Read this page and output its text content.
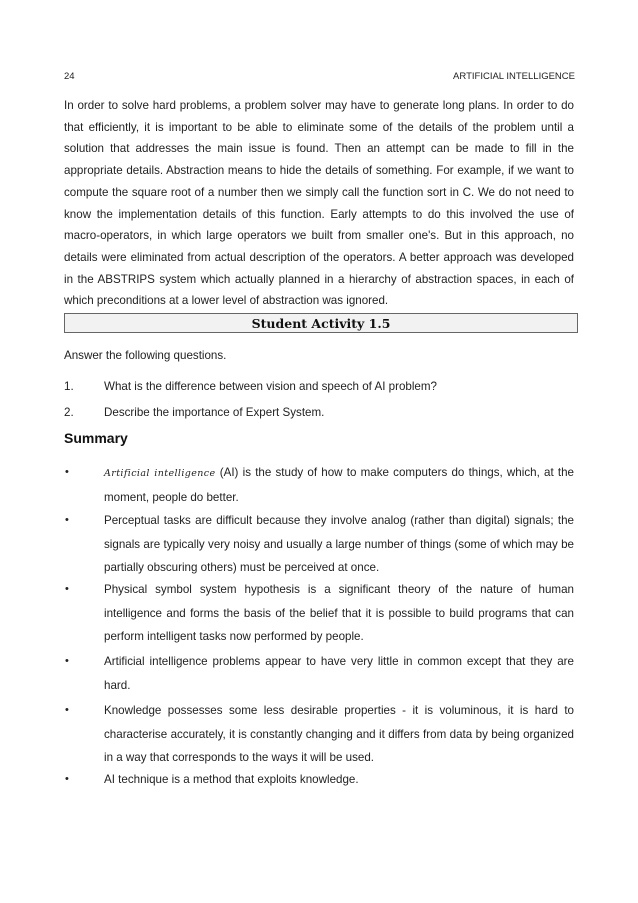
24	ARTIFICIAL INTELLIGENCE
In order to solve hard problems, a problem solver may have to generate long plans. In order to do that efficiently, it is important to be able to eliminate some of the details of the problem until a solution that addresses the main issue is found. Then an attempt can be made to fill in the appropriate details. Abstraction means to hide the details of something. For example, if we want to compute the square root of a number then we simply call the function sort in C. We do not need to know the implementation details of this function. Early attempts to do this involved the use of macro-operators, in which large operators we built from smaller one's. But in this approach, no details were eliminated from actual description of the operators. A better approach was developed in the ABSTRIPS system which actually planned in a hierarchy of abstraction spaces, in each of which preconditions at a lower level of abstraction was ignored.
Student Activity 1.5
Answer the following questions.
1.	What is the difference between vision and speech of AI problem?
2.	Describe the importance of Expert System.
Summary
•	Artificial intelligence (AI) is the study of how to make computers do things, which, at the moment, people do better.
•	Perceptual tasks are difficult because they involve analog (rather than digital) signals; the signals are typically very noisy and usually a large number of things (some of which may be partially obscuring others) must be perceived at once.
•	Physical symbol system hypothesis is a significant theory of the nature of human intelligence and forms the basis of the belief that it is possible to build programs that can perform intelligent tasks now performed by people.
•	Artificial intelligence problems appear to have very little in common except that they are hard.
•	Knowledge possesses some less desirable properties - it is voluminous, it is hard to characterise accurately, it is constantly changing and it differs from data by being organized in a way that corresponds to the ways it will be used.
•	AI technique is a method that exploits knowledge.
